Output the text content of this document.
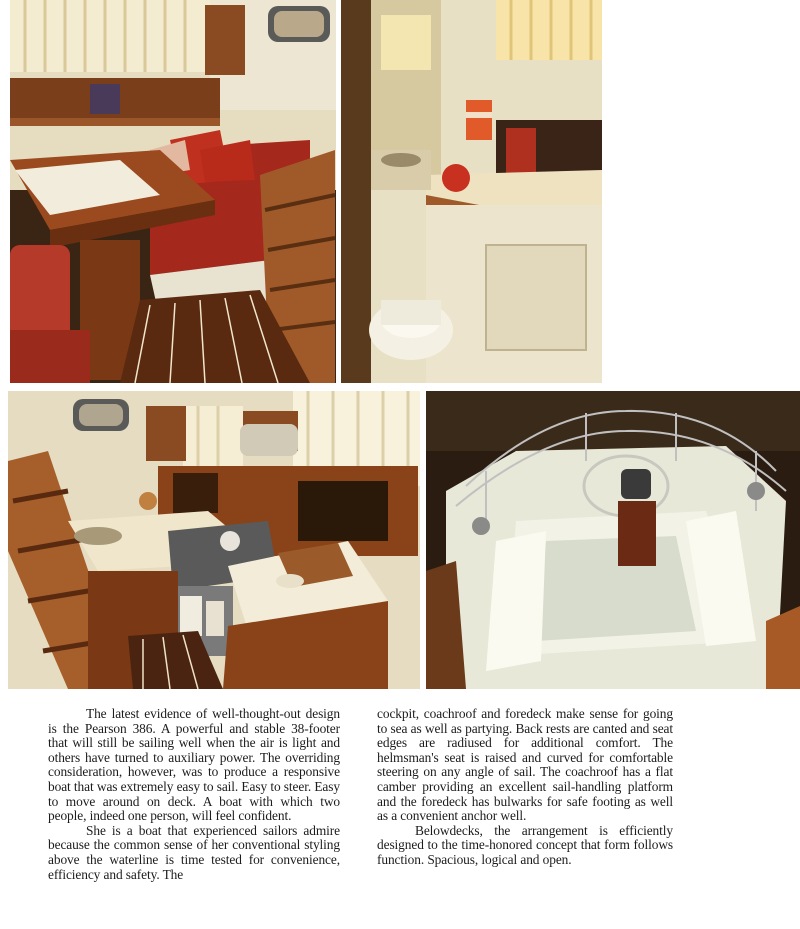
The latest evidence of well-thought-out design is the Pearson 386. A powerful and stable 38-footer that will still be sailing well when the air is light and others have turned to auxiliary power. The overriding consideration, however, was to produce a responsive boat that was extremely easy to sail. Easy to steer. Easy to move around on deck. A boat with which two people, indeed one person, will feel confident.

She is a boat that experienced sailors admire because the common sense of her conventional styling above the waterline is time tested for convenience, efficiency and safety. The

cockpit, coachroof and foredeck make sense for going to sea as well as partying. Back rests are canted and seat edges are radiused for additional comfort. The helmsman's seat is raised and curved for comfortable steering on any angle of sail. The coachroof has a flat camber providing an excellent sail-handling platform and the foredeck has bulwarks for safe footing as well as a convenient anchor well.

Belowdecks, the arrangement is efficiently designed to the time-honored concept that form follows function. Spacious, logical and open.
